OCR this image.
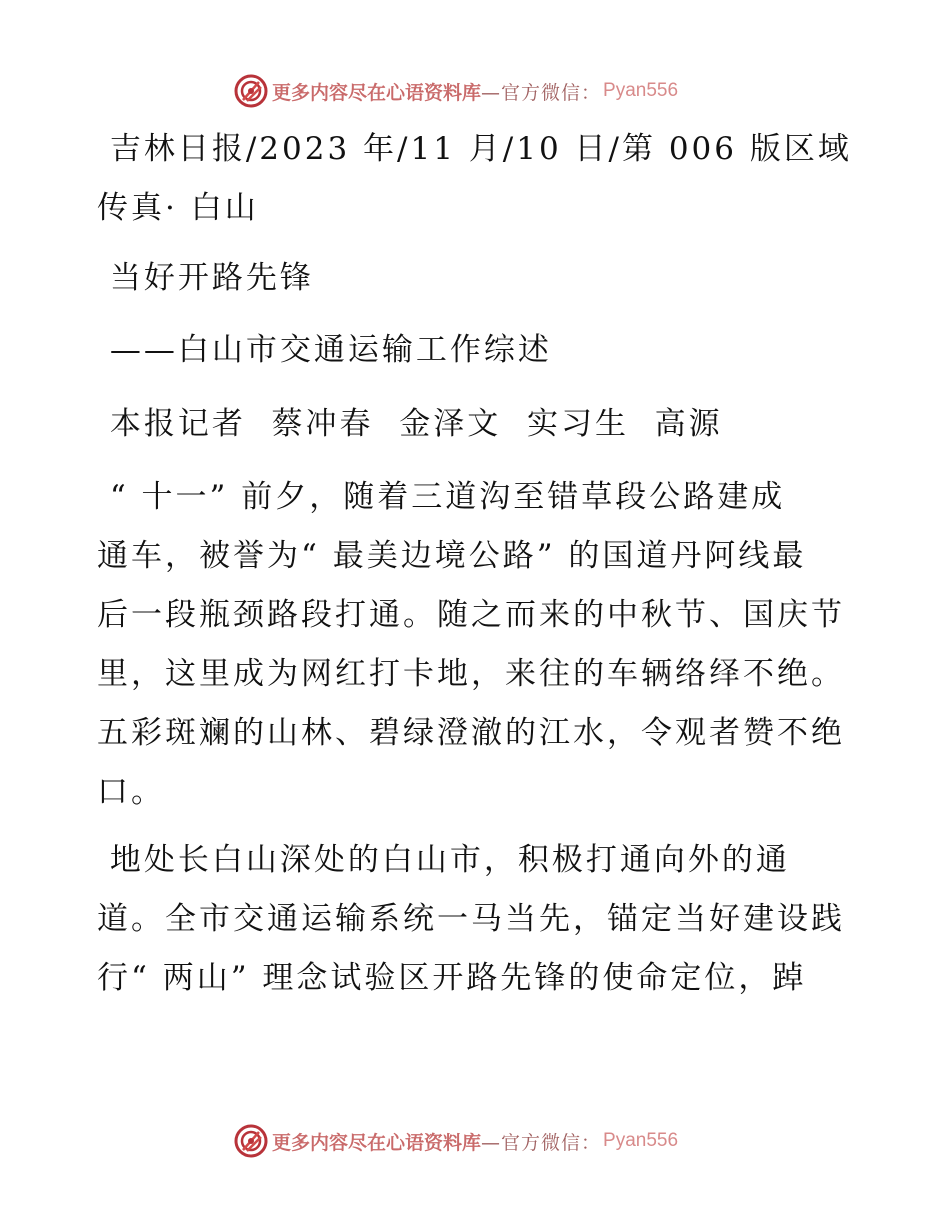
更多内容尽在心语资料库 —官方微信： Pyan556
吉林日报/2023 年/11 月/10 日/第 006 版区域
传真· 白山
当好开路先锋
——白山市交通运输工作综述
本报记者  蔡冲春  金泽文  实习生  高源
“ 十一” 前夕，随着三道沟至错草段公路建成
通车，被誉为“ 最美边境公路” 的国道丹阿线最
后一段瓶颈路段打通。随之而来的中秋节、国庆节
里，这里成为网红打卡地，来往的车辆络绎不绝。
五彩斑斓的山林、碧绿澄澈的江水，令观者赞不绝
口。
地处长白山深处的白山市，积极打通向外的通
道。全市交通运输系统一马当先，锚定当好建设践
行“ 两山” 理念试验区开路先锋的使命定位，踔
更多内容尽在心语资料库 —官方微信： Pyan556
